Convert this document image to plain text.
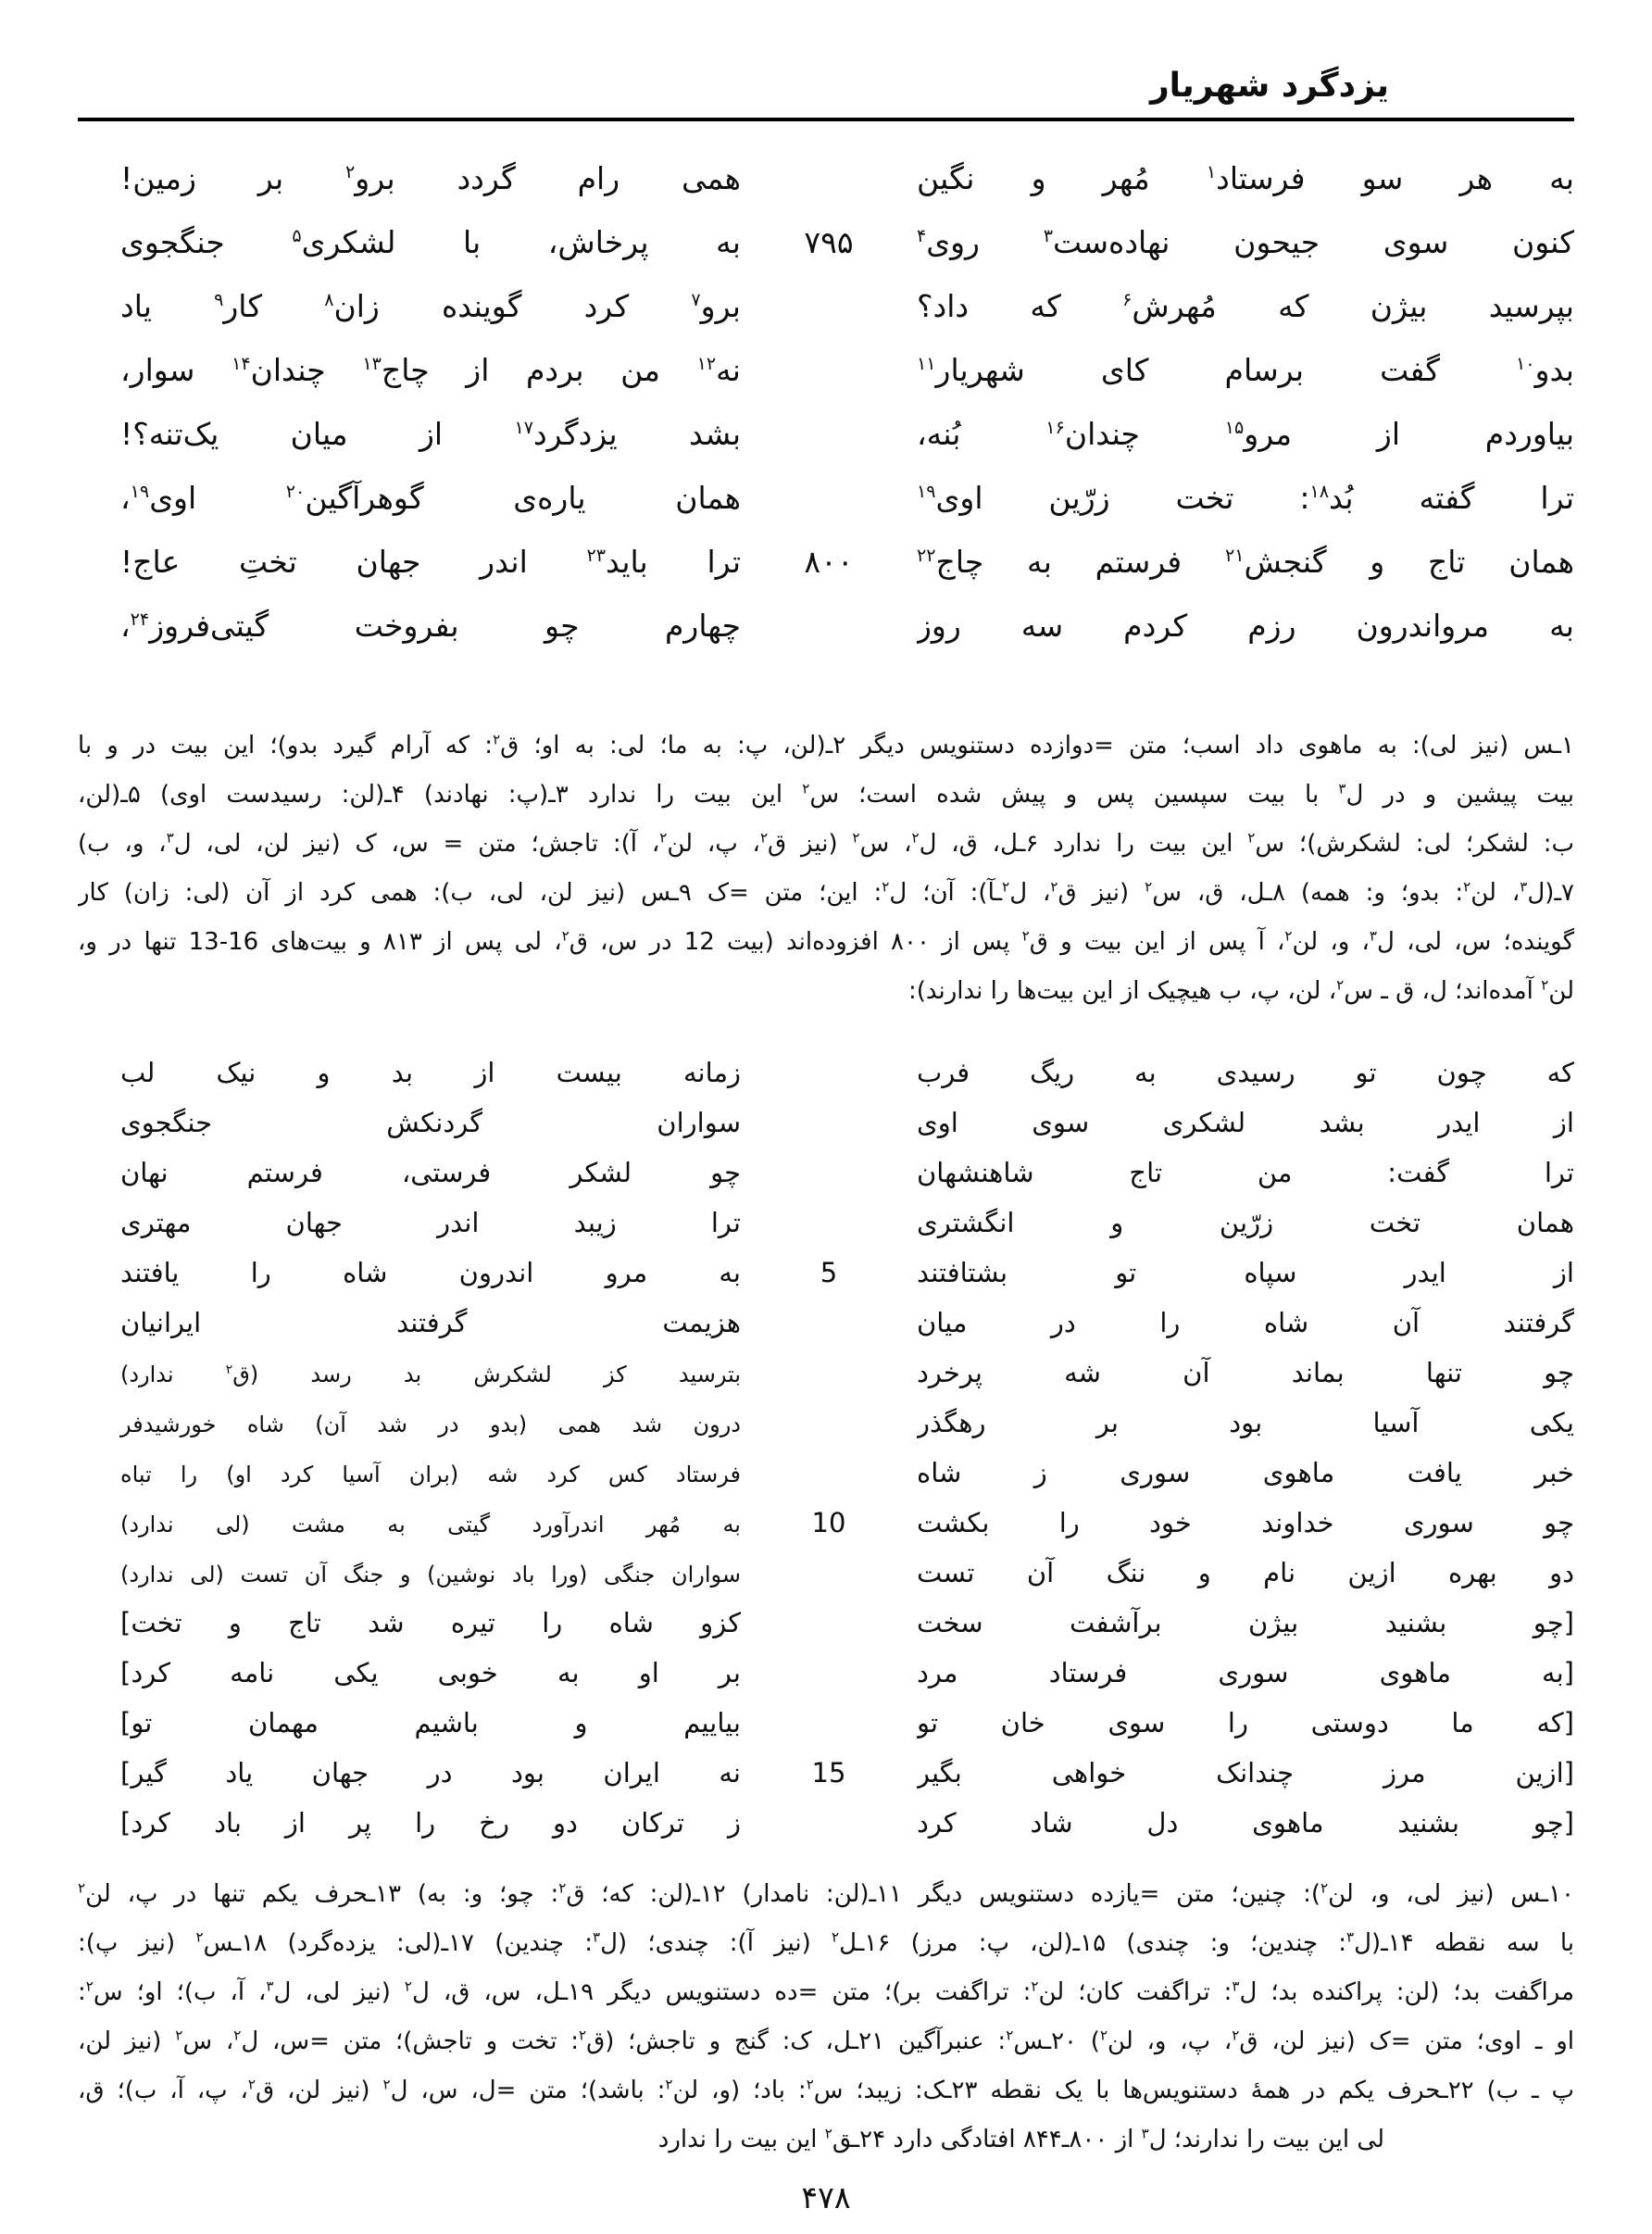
یزدگرد شهریار
به هر سو فرستاد$^۱$ مُهر و نگین
همی رام گردد برو$^۲$ بر زمین!
کنون سوی جیحون نهاده‌ست$^۳$ روی$^۴$
۷۹۵
به پرخاش، با لشکری$^۵$ جنگجوی
بپرسید بیژن که مُهرش$^۶$ که داد؟
برو$^۷$ کرد گوینده زان$^۸$ کار$^۹$ یاد
بدو$^{۱۰}$ گفت برسام کای شهریار$^{۱۱}$
نه$^{۱۲}$ من بردم از چاج$^{۱۳}$ چندان$^{۱۴}$ سوار،
بیاوردم از مرو$^{۱۵}$ چندان$^{۱۶}$ بُنه،
بشد یزدگرد$^{۱۷}$ از میان یک‌تنه؟!
ترا گفته بُد$^{۱۸}$: تخت زرّین اوی$^{۱۹}$
همان یاره‌ی گوهرآگین$^{۲۰}$ اوی$^{۱۹}$،
همان تاج و گنجش$^{۲۱}$ فرستم به چاج$^{۲۲}$
۸۰۰
ترا باید$^{۲۳}$ اندر جهان تختِ عاج!
به مرواندرون رزم کردم سه روز
چهارم چو بفروخت گیتی‌فروز$^{۲۴}$،
۱ـس (نیز لی): به ماهوی داد اسب؛ متن =دوازده دستنویس دیگر ۲ـ(لن، پ: به ما؛ لی: به او؛ ق$^۲$: که آرام گیرد بدو)؛ این بیت در و با
بیت پیشین و در ل$^۳$ با بیت سپسین پس و پیش شده است؛ س$^۲$ این بیت را ندارد ۳ـ(پ: نهادند) ۴ـ(لن: رسیدست اوی) ۵ـ(لن،
ب: لشکر؛ لی: لشکرش)؛ س$^۲$ این بیت را ندارد ۶ـل، ق، ل$^۲$، س$^۲$ (نیز ق$^۲$، پ، لن$^۲$، آ): تاجش؛ متن = س، ک (نیز لن، لی، ل$^۳$، و، ب)
۷ـ(ل$^۳$، لن$^۲$: بدو؛ و: همه) ۸ـل، ق، س$^۲$ (نیز ق$^۲$، ل$^۲$ـآ): آن؛ ل$^۲$: این؛ متن =ک ۹ـس (نیز لن، لی، ب): همی کرد از آن (لی: زان) کار
گوینده؛ س، لی، ل$^۳$، و، لن$^۲$، آ پس از این بیت و ق$^۲$ پس از ۸۰۰ افزوده‌اند (بیت 12 در س، ق$^۲$، لی پس از ۸۱۳ و بیت‌های 16-13 تنها در و،
لن$^۲$ آمده‌اند؛ ل، ق ـ س$^۲$، لن، پ، ب هیچیک از این بیت‌ها را ندارند):
که چون تو رسیدی به ریگ فرب
زمانه بیست از بد و نیک لب
از ایدر بشد لشکری سوی اوی
سواران گردنکش جنگجوی
ترا گفت: من تاج شاهنشهان
چو لشکر فرستی، فرستم نهان
همان تخت زرّین و انگشتری
ترا زیبد اندر جهان مهتری
از ایدر سپاه تو بشتافتند
5
به مرو اندرون شاه را یافتند
گرفتند آن شاه را در میان
هزیمت گرفتند ایرانیان
چو تنها بماند آن شه پرخرد
بترسید کز لشکرش بد رسد (ق$^۲$ ندارد)
یکی آسیا بود بر رهگذر
درون شد همی (بدو در شد آن) شاه خورشیدفر
خبر یافت ماهوی سوری ز شاه
فرستاد کس کرد شه (بران آسیا کرد او) را تباه
چو سوری خداوند خود را بکشت
10
به مُهر اندرآورد گیتی به مشت (لی ندارد)
دو بهره ازین نام و ننگ آن تست
سواران جنگی (ورا باد نوشین) و جنگ آن تست (لی ندارد)
[چو بشنید بیژن برآشفت سخت
کزو شاه را تیره شد تاج و تخت]
[به ماهوی سوری فرستاد مرد
بر او به خوبی یکی نامه کرد]
[که ما دوستی را سوی خان تو
بیاییم و باشیم مهمان تو]
[ازین مرز چندانک خواهی بگیر
15
نه ایران بود در جهان یاد گیر]
[چو بشنید ماهوی دل شاد کرد
ز ترکان دو رخ را پر از باد کرد]
۱۰ـس (نیز لی، و، لن$^۲$): چنین؛ متن =یازده دستنویس دیگر ۱۱ـ(لن: نامدار) ۱۲ـ(لن: که؛ ق$^۲$: چو؛ و: به) ۱۳ـحرف یکم تنها در پ، لن$^۲$
با سه نقطه ۱۴ـ(ل$^۳$: چندین؛ و: چندی) ۱۵ـ(لن، پ: مرز) ۱۶ـل$^۲$ (نیز آ): چندی؛ (ل$^۳$: چندین) ۱۷ـ(لی: یزده‌گرد) ۱۸ـس$^۲$ (نیز پ):
مراگفت بد؛ (لن: پراکنده بد؛ ل$^۳$: تراگفت کان؛ لن$^۲$: تراگفت بر)؛ متن =ده دستنویس دیگر ۱۹ـل، س، ق، ل$^۲$ (نیز لی، ل$^۳$، آ، ب)؛ او؛ س$^۲$:
او ـ اوی؛ متن =ک (نیز لن، ق$^۲$، پ، و، لن$^۲$) ۲۰ـس$^۲$: عنبرآگین ۲۱ـل، ک: گنج و تاجش؛ (ق$^۲$: تخت و تاجش)؛ متن =س، ل$^۲$، س$^۲$ (نیز لن،
پ ـ ب) ۲۲ـحرف یکم در همهٔ دستنویس‌ها با یک نقطه ۲۳ـک: زیبد؛ س$^۲$: باد؛ (و، لن$^۲$: باشد)؛ متن =ل، س، ل$^۲$ (نیز لن، ق$^۲$، پ، آ، ب)؛ ق،
لی این بیت را ندارند؛ ل$^۳$ از ۸۰۰ـ۸۴۴ افتادگی دارد ۲۴ـق$^۲$ این بیت را ندارد
۴۷۸
